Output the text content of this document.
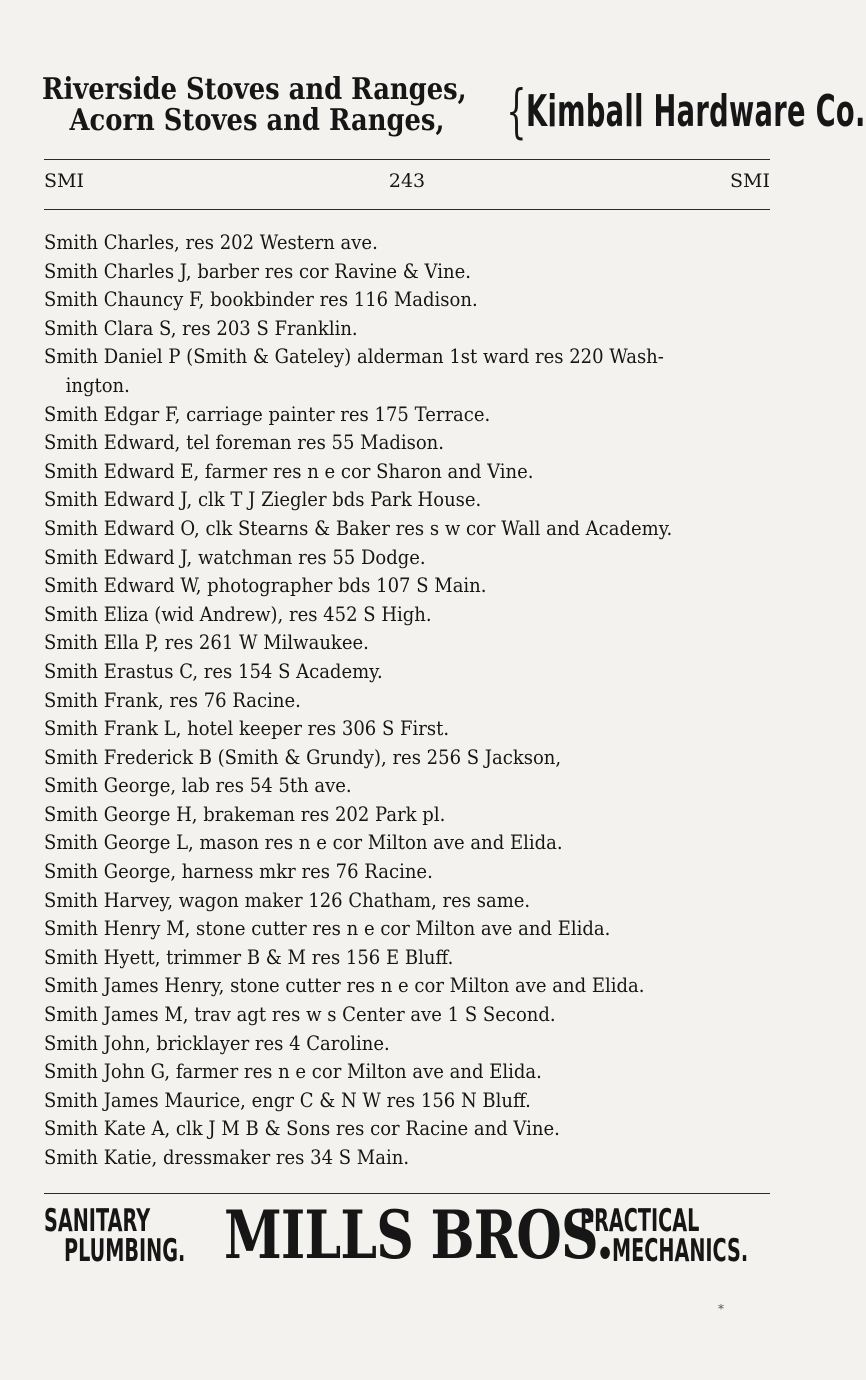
Riverside Stoves and Ranges,
Acorn Stoves and Ranges,	{ Kimball Hardware Co.
SMI	243	SMI
Smith Charles, res 202 Western ave.
Smith Charles J, barber res cor Ravine & Vine.
Smith Chauncy F, bookbinder res 116 Madison.
Smith Clara S, res 203 S Franklin.
Smith Daniel P (Smith & Gateley) alderman 1st ward res 220 Wash-
ington.
Smith Edgar F, carriage painter res 175 Terrace.
Smith Edward, tel foreman res 55 Madison.
Smith Edward E, farmer res n e cor Sharon and Vine.
Smith Edward J, clk T J Ziegler bds Park House.
Smith Edward O, clk Stearns & Baker res s w cor Wall and Academy.
Smith Edward J, watchman res 55 Dodge.
Smith Edward W, photographer bds 107 S Main.
Smith Eliza (wid Andrew), res 452 S High.
Smith Ella P, res 261 W Milwaukee.
Smith Erastus C, res 154 S Academy.
Smith Frank, res 76 Racine.
Smith Frank L, hotel keeper res 306 S First.
Smith Frederick B (Smith & Grundy), res 256 S Jackson,
Smith George, lab res 54 5th ave.
Smith George H, brakeman res 202 Park pl.
Smith George L, mason res n e cor Milton ave and Elida.
Smith George, harness mkr res 76 Racine.
Smith Harvey, wagon maker 126 Chatham, res same.
Smith Henry M, stone cutter res n e cor Milton ave and Elida.
Smith Hyett, trimmer B & M res 156 E Bluff.
Smith James Henry, stone cutter res n e cor Milton ave and Elida.
Smith James M, trav agt res w s Center ave 1 S Second.
Smith John, bricklayer res 4 Caroline.
Smith John G, farmer res n e cor Milton ave and Elida.
Smith James Maurice, engr C & N W res 156 N Bluff.
Smith Kate A, clk J M B & Sons res cor Racine and Vine.
Smith Katie, dressmaker res 34 S Main.
SANITARY
PLUMBING. MILLS BROS.
PRACTICAL
MECHANICS.
⁎
